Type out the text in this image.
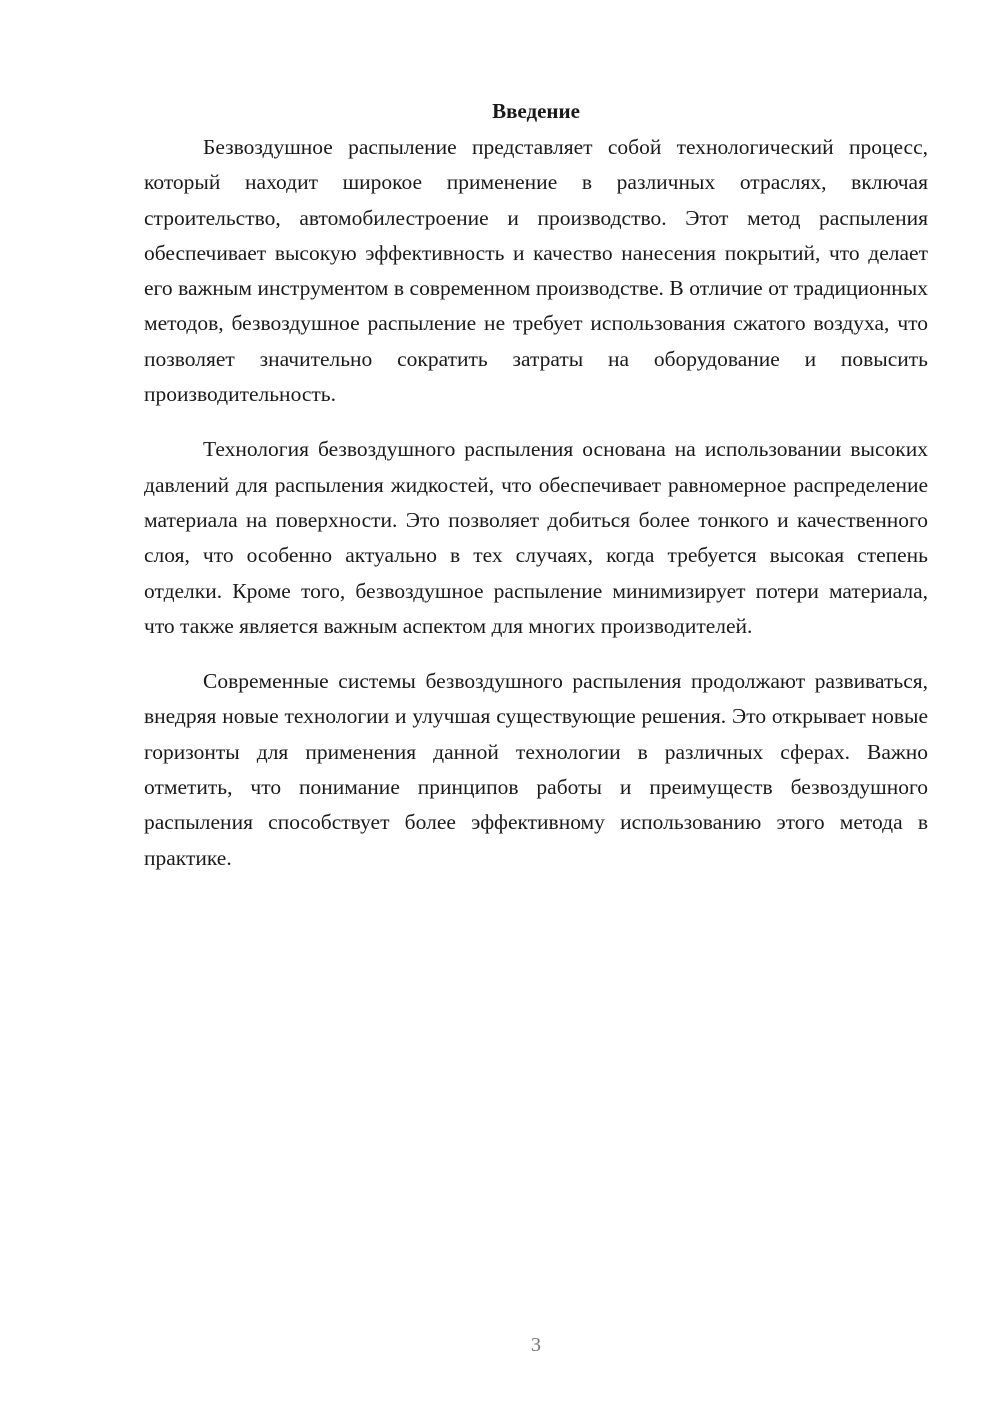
Введение

Безвоздушное распыление представляет собой технологический процесс, который находит широкое применение в различных отраслях, включая строительство, автомобилестроение и производство. Этот метод распыления обеспечивает высокую эффективность и качество нанесения покрытий, что делает его важным инструментом в современном производстве. В отличие от традиционных методов, безвоздушное распыление не требует использования сжатого воздуха, что позволяет значительно сократить затраты на оборудование и повысить производительность.

Технология безвоздушного распыления основана на использовании высоких давлений для распыления жидкостей, что обеспечивает равномерное распределение материала на поверхности. Это позволяет добиться более тонкого и качественного слоя, что особенно актуально в тех случаях, когда требуется высокая степень отделки. Кроме того, безвоздушное распыление минимизирует потери материала, что также является важным аспектом для многих производителей.

Современные системы безвоздушного распыления продолжают развиваться, внедряя новые технологии и улучшая существующие решения. Это открывает новые горизонты для применения данной технологии в различных сферах. Важно отметить, что понимание принципов работы и преимуществ безвоздушного распыления способствует более эффективному использованию этого метода в практике.

3
